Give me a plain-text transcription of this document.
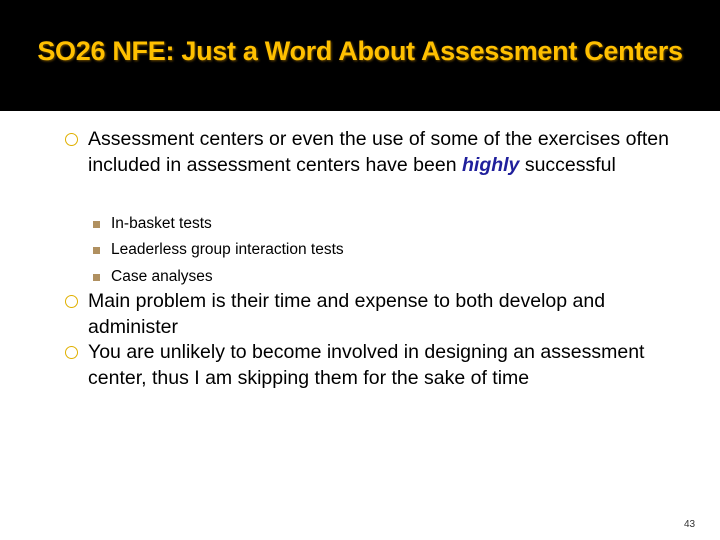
SO26 NFE: Just a Word About Assessment Centers
Assessment centers or even the use of some of the exercises often included in assessment centers have been highly successful
In-basket tests
Leaderless group interaction tests
Case analyses
Main problem is their time and expense to both develop and administer
You are unlikely to become involved in designing an assessment center, thus I am skipping them for the sake of time
43
